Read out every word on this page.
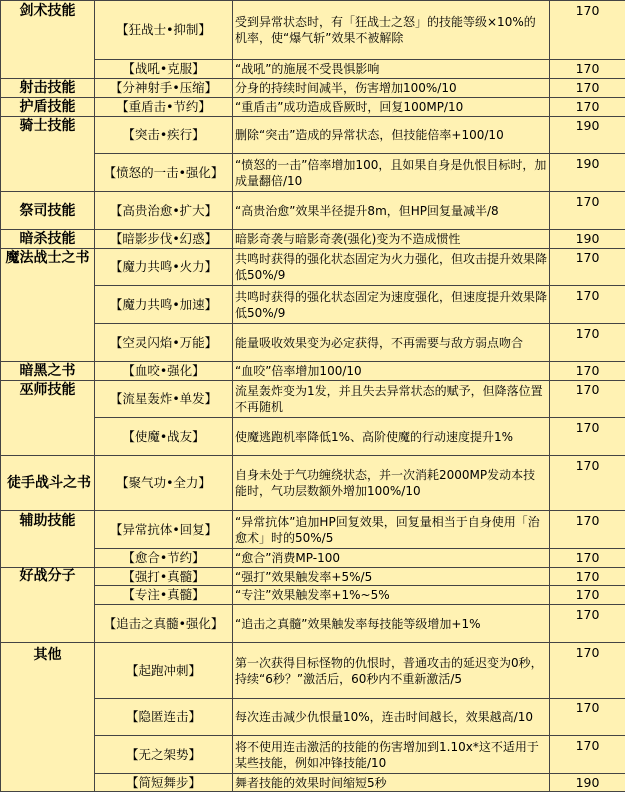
剑术技能	【狂战士•抑制】	受到异常状态时，有「狂战士之怒」的技能等级×10%的机率，使“爆气斩”效果不被解除	170
	【战吼•克服】	“战吼”的施展不受畏惧影响	170
射击技能	【分神射手•压缩】	分身的持续时间减半，伤害增加100%/10	170
护盾技能	【重盾击•节约】	“重盾击”成功造成昏厥时，回复100MP/10	170
骑士技能	【突击•疾行】	删除“突击”造成的异常状态，但技能倍率+100/10	190
	【愤怒的一击•强化】	“愤怒的一击”倍率增加100，且如果自身是仇恨目标时，加成量翻倍/10	190
祭司技能	【高贵治愈•扩大】	“高贵治愈”效果半径提升8m，但HP回复量减半/8	170
暗杀技能	【暗影步伐•幻惑】	暗影奇袭与暗影奇袭(强化)变为不造成惯性	190
魔法战士之书	【魔力共鸣•火力】	共鸣时获得的强化状态固定为火力强化，但攻击提升效果降低50%/9	170
	【魔力共鸣•加速】	共鸣时获得的强化状态固定为速度强化，但速度提升效果降低50%/9	170
	【空灵闪焰•万能】	能量吸收效果变为必定获得，不再需要与敌方弱点吻合	170
暗黑之书	【血咬•强化】	“血咬”倍率增加100/10	170
巫师技能	【流星轰炸•单发】	流星轰炸变为1发，并且失去异常状态的赋予，但降落位置不再随机	170
	【使魔•战友】	使魔逃跑机率降低1%、高阶使魔的行动速度提升1%	170
徒手战斗之书	【聚气功•全力】	自身未处于气功缠绕状态，并一次消耗2000MP发动本技能时，气功层数额外增加100%/10	170
辅助技能	【异常抗体•回复】	“异常抗体”追加HP回复效果，回复量相当于自身使用「治愈术」时的50%/5	170
	【愈合•节约】	“愈合”消费MP-100	170
好战分子	【强打•真髓】	“强打”效果触发率+5%/5	170
	【专注•真髓】	“专注”效果触发率+1%~5%	170
	【追击之真髓•强化】	“追击之真髓”效果触发率每技能等级增加+1%	170
其他	【起跑冲刺】	第一次获得目标怪物的仇恨时，普通攻击的延迟变为0秒，持续“6秒？”激活后，60秒内不重新激活/5	170
	【隐匿连击】	每次连击减少仇恨量10%，连击时间越长，效果越高/10	170
	【无之架势】	将不使用连击激活的技能的伤害增加到1.10x*这不适用于某些技能，例如冲锋技能/10	170
	【简短舞步】	舞者技能的效果时间缩短5秒	190
